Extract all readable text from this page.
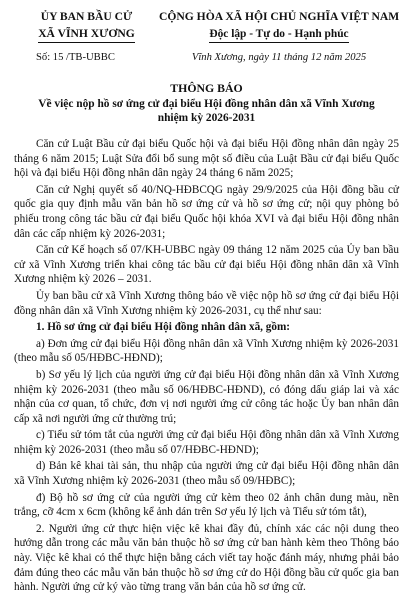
ỦY BAN BẦU CỬ
XÃ VĨNH XƯƠNG
Số: 15 /TB-UBBC
CỘNG HÒA XÃ HỘI CHỦ NGHĨA VIỆT NAM
Độc lập - Tự do - Hạnh phúc
Vĩnh Xương, ngày 11 tháng 12 năm 2025
THÔNG BÁO
Về việc nộp hồ sơ ứng cử đại biểu Hội đồng nhân dân xã Vĩnh Xương nhiệm kỳ 2026-2031

Căn cứ Luật Bầu cử đại biểu Quốc hội và đại biểu Hội đồng nhân dân ngày 25 tháng 6 năm 2015; Luật Sửa đổi bổ sung một số điều của Luật Bầu cử đại biểu Quốc hội và đại biểu Hội đồng nhân dân ngày 24 tháng 6 năm 2025;

Căn cứ Nghị quyết số 40/NQ-HĐBCQG ngày 29/9/2025 của Hội đồng bầu cử quốc gia quy định mẫu văn bản hồ sơ ứng cử và hồ sơ ứng cử; nội quy phòng bỏ phiếu trong công tác bầu cử đại biểu Quốc hội khóa XVI và đại biểu Hội đồng nhân dân các cấp nhiệm kỳ 2026-2031;

Căn cứ Kế hoạch số 07/KH-UBBC ngày 09 tháng 12 năm 2025 của Ủy ban bầu cử xã Vĩnh Xương triển khai công tác bầu cử đại biểu Hội đồng nhân dân xã Vĩnh Xương nhiệm kỳ 2026 – 2031.

Ủy ban bầu cử xã Vĩnh Xương thông báo về việc nộp hồ sơ ứng cử đại biểu Hội đồng nhân dân xã Vĩnh Xương nhiệm kỳ 2026-2031, cụ thể như sau:

1. Hồ sơ ứng cử đại biểu Hội đồng nhân dân xã, gồm:

a) Đơn ứng cử đại biểu Hội đồng nhân dân xã Vĩnh Xương nhiệm kỳ 2026-2031 (theo mẫu số 05/HĐBC-HĐND);

b) Sơ yếu lý lịch của người ứng cử đại biểu Hội đồng nhân dân xã Vĩnh Xương nhiệm kỳ 2026-2031 (theo mẫu số 06/HĐBC-HĐND), có đóng dấu giáp lai và xác nhận của cơ quan, tổ chức, đơn vị nơi người ứng cử công tác hoặc Ủy ban nhân dân cấp xã nơi người ứng cử thường trú;

c) Tiểu sử tóm tắt của người ứng cử đại biểu Hội đồng nhân dân xã Vĩnh Xương nhiệm kỳ 2026-2031 (theo mẫu số 07/HĐBC-HĐND);

d) Bản kê khai tài sản, thu nhập của người ứng cử đại biểu Hội đồng nhân dân xã Vĩnh Xương nhiệm kỳ 2026-2031 (theo mẫu số 09/HĐBC);

đ) Bộ hồ sơ ứng cử của người ứng cử kèm theo 02 ảnh chân dung màu, nền trắng, cỡ 4cm x 6cm (không kể ảnh dán trên Sơ yếu lý lịch và Tiểu sử tóm tắt),

2. Người ứng cử thực hiện việc kê khai đầy đủ, chính xác các nội dung theo hướng dẫn trong các mẫu văn bản thuộc hồ sơ ứng cử ban hành kèm theo Thông báo này. Việc kê khai có thể thực hiện bằng cách viết tay hoặc đánh máy, nhưng phải bảo đảm đúng theo các mẫu văn bản thuộc hồ sơ ứng cử do Hội đồng bầu cử quốc gia ban hành. Người ứng cử ký vào từng trang văn bản của hồ sơ ứng cử.
